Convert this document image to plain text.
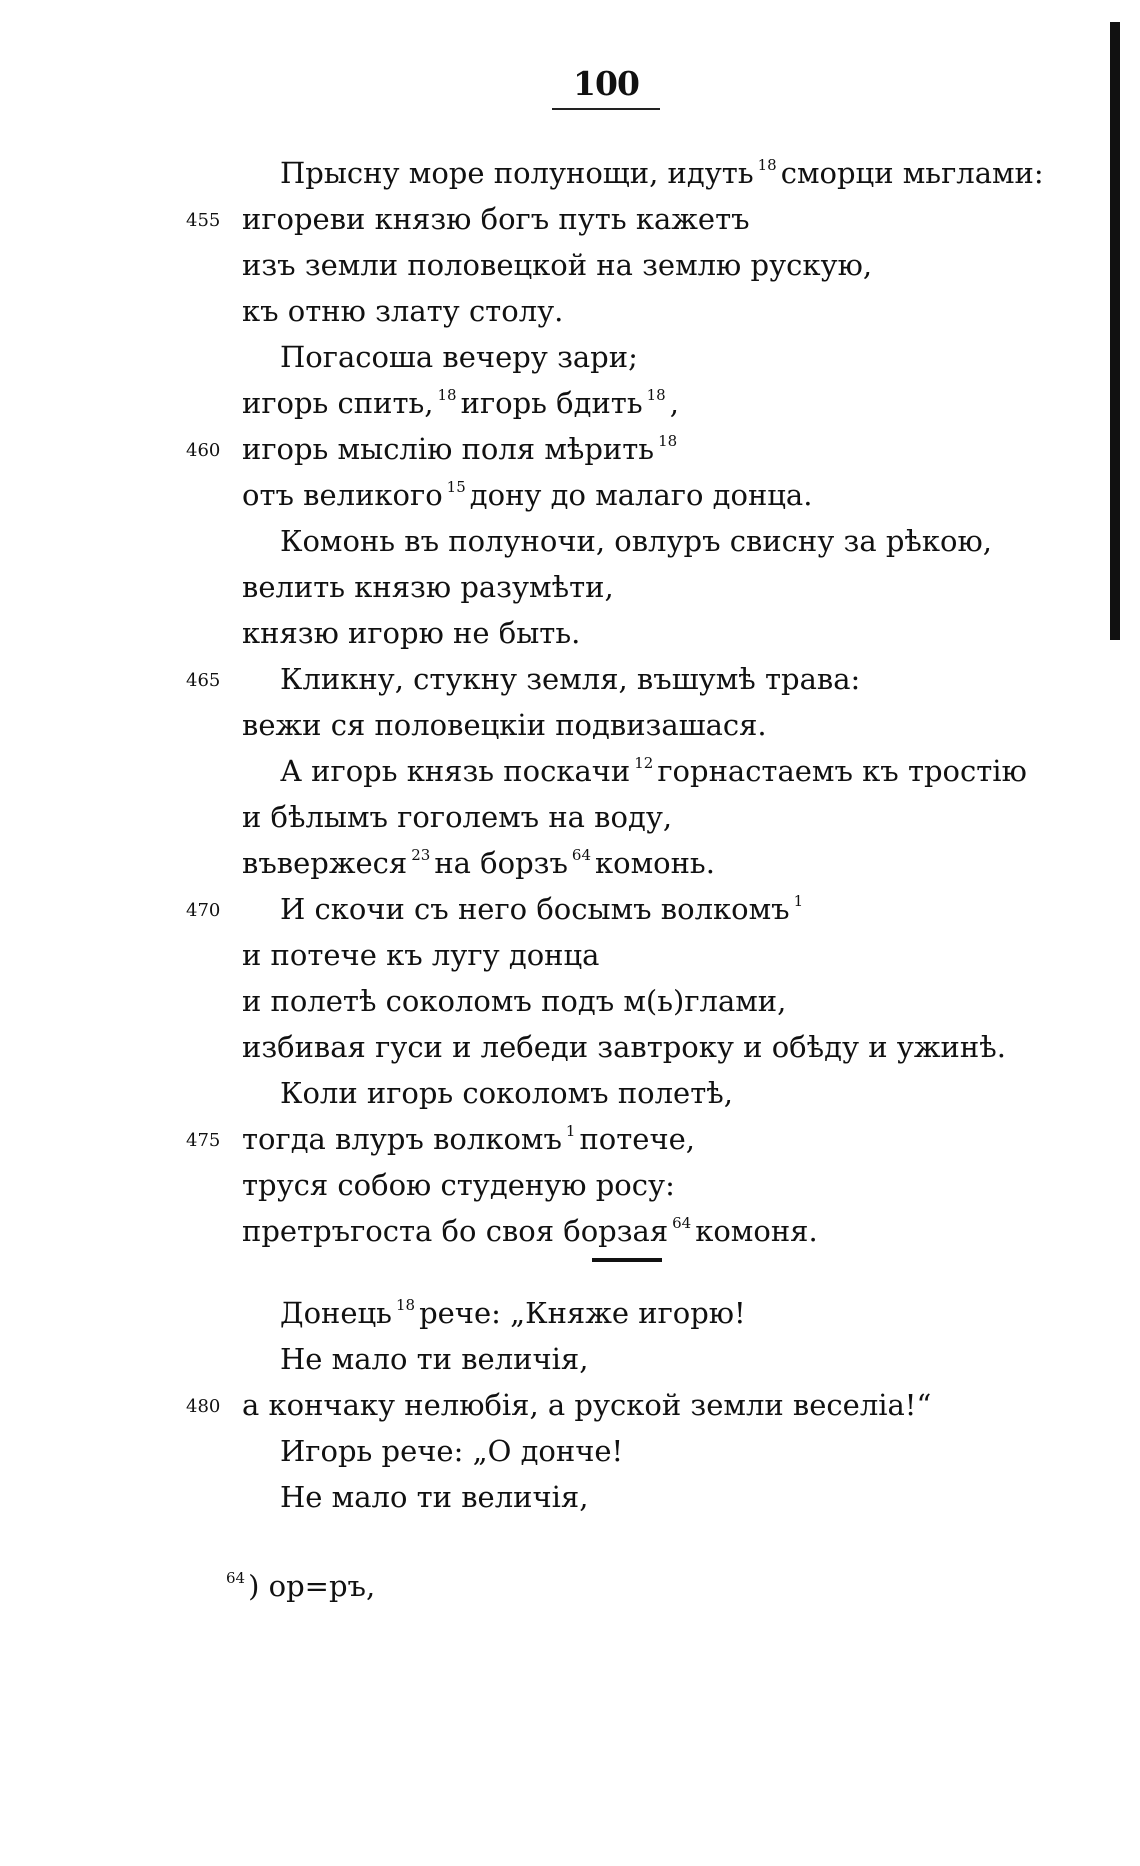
100
Прысну море полунощи, идуть $^{18}$ сморци мьглами:
игореви князю богъ путь кажетъ
455
изъ земли половецкой на землю рускую,
къ отню злату столу.
Погасоша вечеру зари;
игорь спить, $^{18}$ игорь бдить $^{18}$ ,
игорь мыслію поля мѣрить $^{18}$
460
отъ великого $^{15}$ дону до малаго донца.
Комонь въ полуночи, овлуръ свисну за рѣкою,
велить князю разумѣти,
князю игорю не быть.
Кликну, стукну земля, въшумѣ трава:
465
вежи ся половецкіи подвизашася.
А игорь князь поскачи $^{12}$ горнастаемъ къ тростію
и бѣлымъ гоголемъ на воду,
въвержеся $^{23}$ на борзъ $^{64}$ комонь.
И скочи съ него босымъ волкомъ $^1$
470
и потече къ лугу донца
и полетѣ соколомъ подъ м(ь)глами,
избивая гуси и лебеди завтроку и обѣду и ужинѣ.
Коли игорь соколомъ полетѣ,
тогда влуръ волкомъ $^1$ потече,
475
труся собою студеную росу:
претръгоста бо своя борзая $^{64}$ комоня.
Донець $^{18}$ рече: „Княже игорю!
Не мало ти величія,
а кончаку нелюбія, а руской земли веселіа!“
480
Игорь рече: „О донче!
Не мало ти величія,
$^{64}$ ) ор=ръ,
